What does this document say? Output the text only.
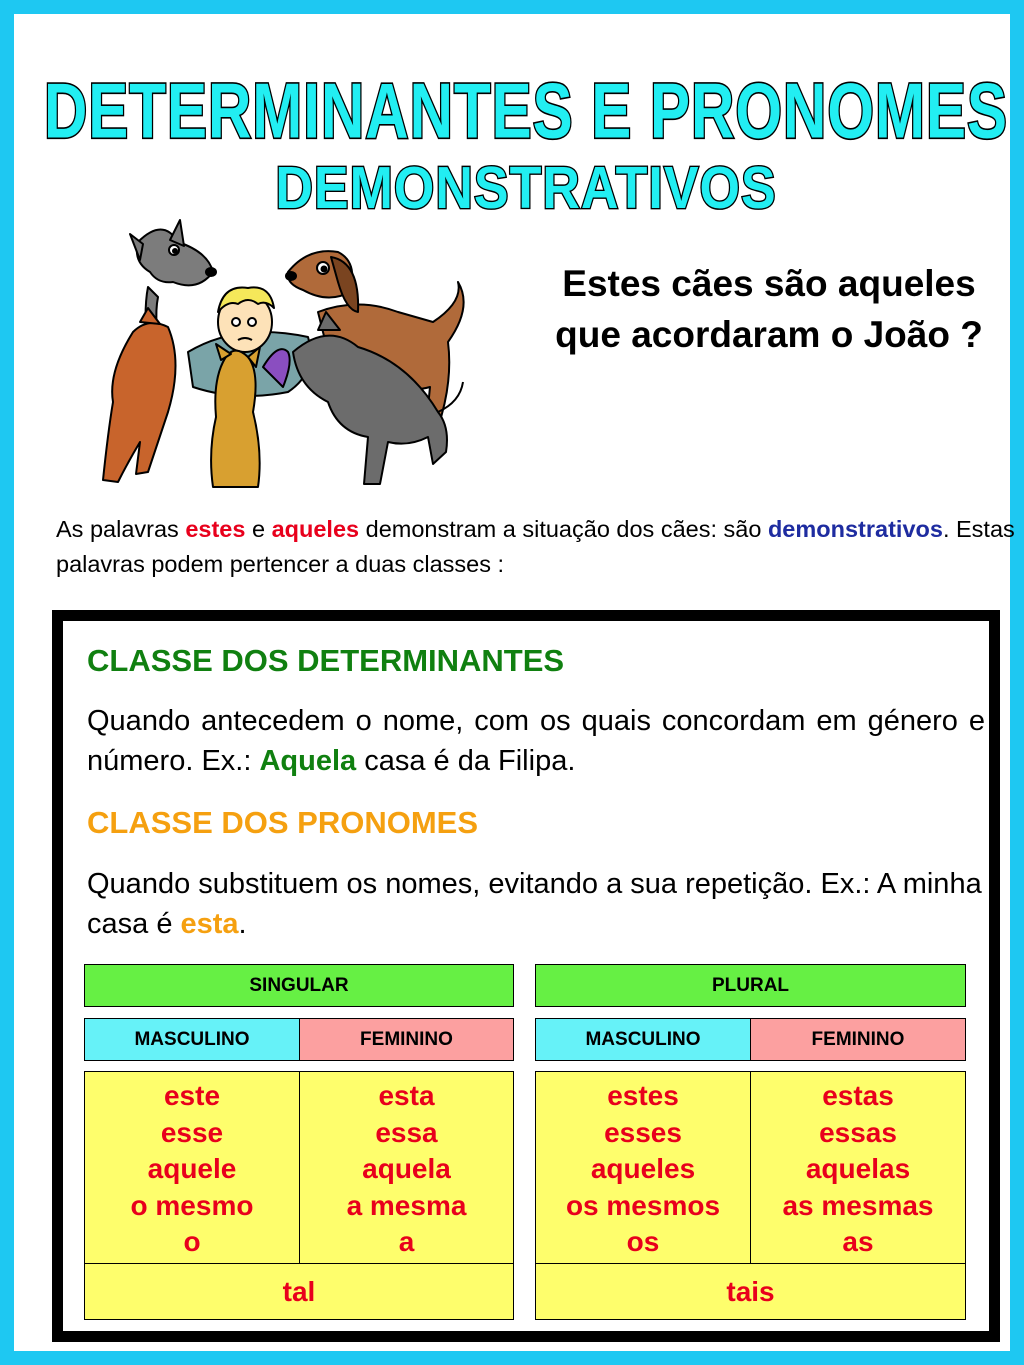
DETERMINANTES E PRONOMES
DEMONSTRATIVOS
Estes cães são aqueles que acordaram o João ?
As palavras estes e aqueles demonstram a situação dos cães: são demonstrativos. Estas palavras podem pertencer a duas classes :
CLASSE DOS DETERMINANTES
Quando antecedem o nome, com os quais concordam em género e número. Ex.: Aquela casa é da Filipa.
CLASSE DOS PRONOMES
Quando substituem os nomes, evitando a sua repetição. Ex.: A minha casa é esta.
SINGULAR
MASCULINO	FEMININO
este
esse
aquele
o mesmo
o
esta
essa
aquela
a mesma
a
tal
PLURAL
MASCULINO	FEMININO
estes
esses
aqueles
os mesmos
os
estas
essas
aquelas
as mesmas
as
tais
